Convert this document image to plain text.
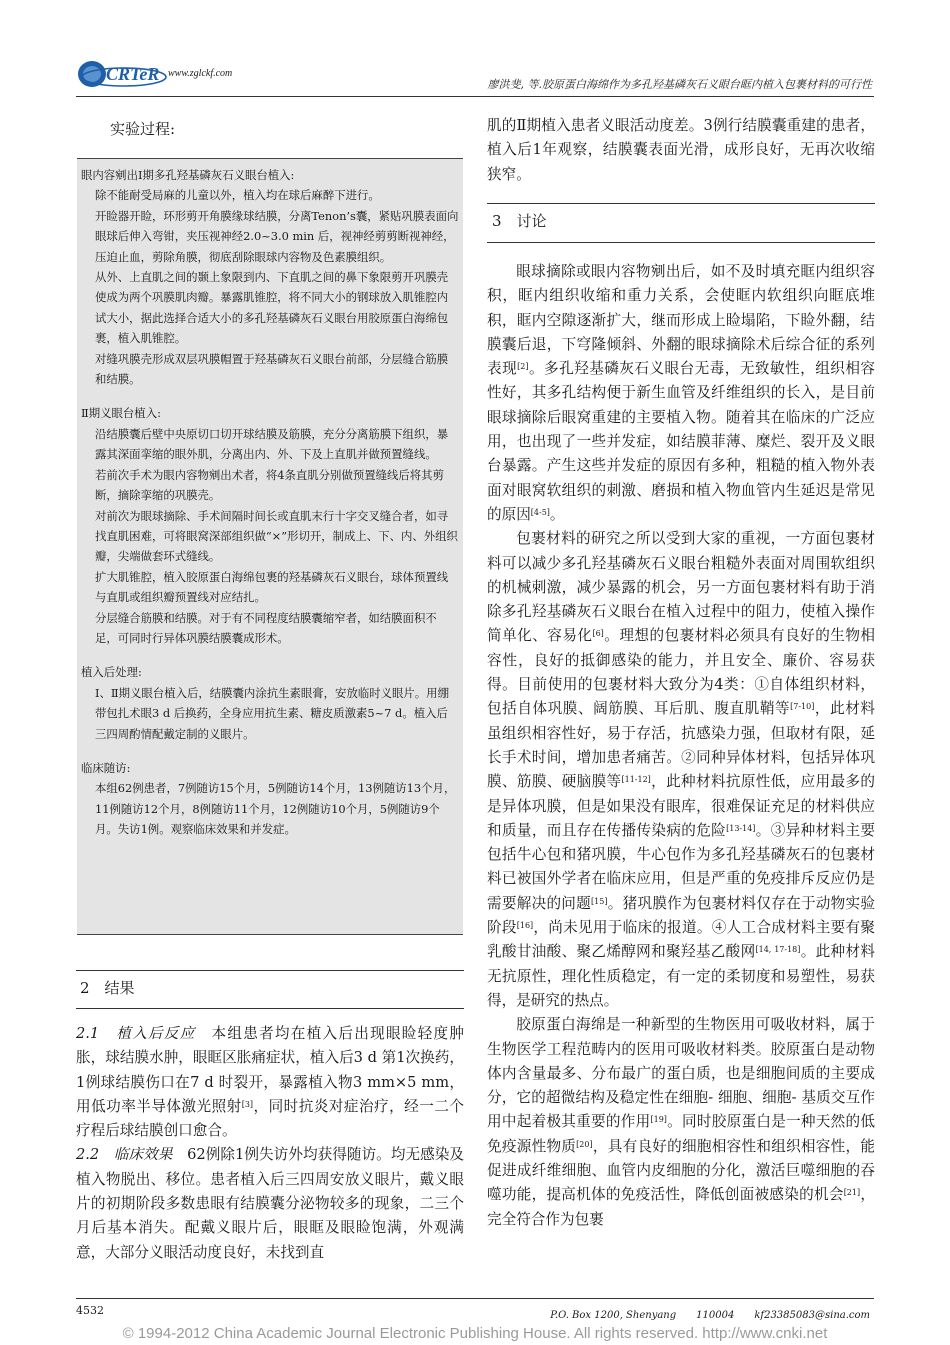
CRTeR www.zglckf.com
廖洪斐, 等.胶原蛋白海绵作为多孔羟基磷灰石义眼台眶内植入包裹材料的可行性
实验过程:

眼内容剜出Ⅰ期多孔羟基磷灰石义眼台植入:

除不能耐受局麻的儿童以外，植入均在球后麻醉下进行。

开睑器开睑，环形剪开角膜缘球结膜，分离Tenon’s囊，紧贴巩膜表面向眼球后伸入弯钳，夹压视神经2.0~3.0 min 后，视神经剪剪断视神经，压迫止血，剪除角膜，彻底刮除眼球内容物及色素膜组织。

从外、上直肌之间的颞上象限到内、下直肌之间的鼻下象限剪开巩膜壳使成为两个巩膜肌肉瓣。暴露肌锥腔，将不同大小的钢球放入肌锥腔内试大小，据此选择合适大小的多孔羟基磷灰石义眼台用胶原蛋白海绵包裹，植入肌锥腔。

对缝巩膜壳形成双层巩膜帽置于羟基磷灰石义眼台前部，分层缝合筋膜和结膜。

Ⅱ期义眼台植入:

沿结膜囊后壁中央原切口切开球结膜及筋膜，充分分离筋膜下组织，暴露其深面挛缩的眼外肌，分离出内、外、下及上直肌并做预置缝线。

若前次手术为眼内容物剜出术者，将4条直肌分别做预置缝线后将其剪断，摘除挛缩的巩膜壳。

对前次为眼球摘除、手术间隔时间长或直肌末行十字交叉缝合者，如寻找直肌困难，可将眼窝深部组织做“×”形切开，制成上、下、内、外组织瓣，尖端做套环式缝线。

扩大肌锥腔，植入胶原蛋白海绵包裹的羟基磷灰石义眼台，球体预置线与直肌或组织瓣预置线对应结扎。

分层缝合筋膜和结膜。对于有不同程度结膜囊缩窄者，如结膜面积不足，可同时行异体巩膜结膜囊成形术。

植入后处理:

Ⅰ、Ⅱ期义眼台植入后，结膜囊内涂抗生素眼膏，安放临时义眼片。用绷带包扎术眼3 d 后换药，全身应用抗生素、糖皮质激素5~7 d。植入后三四周酌情配戴定制的义眼片。

临床随访:

本组62例患者，7例随访15个月，5例随访14个月，13例随访13个月，11例随访12个月，8例随访11个月，12例随访10个月，5例随访9个月。失访1例。观察临床效果和并发症。

2　结果

2.1　植入后反应　 本组患者均在植入后出现眼睑轻度肿胀，球结膜水肿，眼眶区胀痛症状，植入后3 d 第1次换药，1例球结膜伤口在7 d 时裂开，暴露植入物3 mm×5 mm，用低功率半导体激光照射[3]，同时抗炎对症治疗，经一二个疗程后球结膜创口愈合。

2.2　临床效果　 62例除1例失访外均获得随访。均无感染及植入物脱出、移位。患者植入后三四周安放义眼片，戴义眼片的初期阶段多数患眼有结膜囊分泌物较多的现象，二三个月后基本消失。配戴义眼片后，眼眶及眼睑饱满，外观满意，大部分义眼活动度良好，未找到直

肌的Ⅱ期植入患者义眼活动度差。3例行结膜囊重建的患者，植入后1年观察，结膜囊表面光滑，成形良好，无再次收缩狭窄。

3　讨论

眼球摘除或眼内容物剜出后，如不及时填充眶内组织容积，眶内组织收缩和重力关系，会使眶内软组织向眶底堆积，眶内空隙逐渐扩大，继而形成上睑塌陷，下睑外翻，结膜囊后退，下穹隆倾斜、外翻的眼球摘除术后综合征的系列表现[2]。多孔羟基磷灰石义眼台无毒，无致敏性，组织相容性好，其多孔结构便于新生血管及纤维组织的长入，是目前眼球摘除后眼窝重建的主要植入物。随着其在临床的广泛应用，也出现了一些并发症，如结膜菲薄、糜烂、裂开及义眼台暴露。产生这些并发症的原因有多种，粗糙的植入物外表面对眼窝软组织的刺激、磨损和植入物血管内生延迟是常见的原因[4-5]。

包裹材料的研究之所以受到大家的重视，一方面包裹材料可以减少多孔羟基磷灰石义眼台粗糙外表面对周围软组织的机械刺激，减少暴露的机会，另一方面包裹材料有助于消除多孔羟基磷灰石义眼台在植入过程中的阻力，使植入操作简单化、容易化[6]。理想的包裹材料必须具有良好的生物相容性，良好的抵御感染的能力，并且安全、廉价、容易获得。目前使用的包裹材料大致分为4类：①自体组织材料，包括自体巩膜、阔筋膜、耳后肌、腹直肌鞘等[7-10]，此材料虽组织相容性好，易于存活，抗感染力强，但取材有限，延长手术时间，增加患者痛苦。②同种异体材料，包括异体巩膜、筋膜、硬脑膜等[11-12]，此种材料抗原性低，应用最多的是异体巩膜，但是如果没有眼库，很难保证充足的材料供应和质量，而且存在传播传染病的危险[13-14]。③异种材料主要包括牛心包和猪巩膜，牛心包作为多孔羟基磷灰石的包裹材料已被国外学者在临床应用，但是严重的免疫排斥反应仍是需要解决的问题[15]。猪巩膜作为包裹材料仅存在于动物实验阶段[16]，尚未见用于临床的报道。④人工合成材料主要有聚乳酸甘油酸、聚乙烯醇网和聚羟基乙酸网[14, 17-18]。此种材料无抗原性，理化性质稳定，有一定的柔韧度和易塑性，易获得，是研究的热点。

胶原蛋白海绵是一种新型的生物医用可吸收材料，属于生物医学工程范畴内的医用可吸收材料类。胶原蛋白是动物体内含量最多、分布最广的蛋白质，也是细胞间质的主要成分，它的超微结构及稳定性在细胞- 细胞、细胞- 基质交互作用中起着极其重要的作用[19]。同时胶原蛋白是一种天然的低免疫源性物质[20]，具有良好的细胞相容性和组织相容性，能促进成纤维细胞、血管内皮细胞的分化，激活巨噬细胞的吞噬功能，提高机体的免疫活性，降低创面被感染的机会[21]，完全符合作为包裹

4532	P.O. Box 1200, Shenyang　　110004　　kf23385083@sina.com
© 1994-2012 China Academic Journal Electronic Publishing House. All rights reserved. http://www.cnki.net
